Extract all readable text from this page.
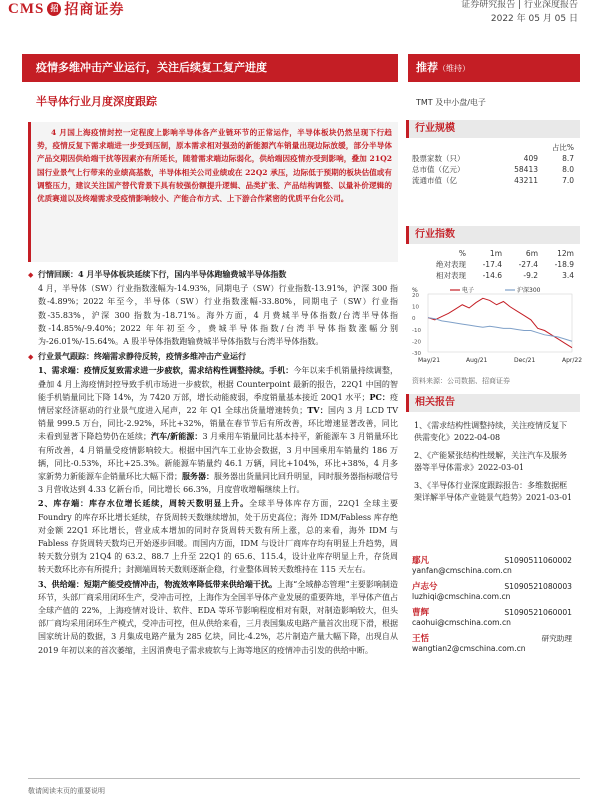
CMS 招 招商证券	证券研究报告 | 行业深度报告
2022 年 05 月 05 日
疫情多维冲击产业运行，关注后续复工复产进度
半导体行业月度深度跟踪
推荐（维持）
TMT 及中小盘/电子
4 月国上海疫情封控一定程度上影响半导体各产业链环节的正常运作，半导体板块仍然呈现下行趋势，疫情反复下需求端进一步受到压制，原本需求相对强劲的新能源汽车销量出现边际放缓，部分半导体产品交期因供给端干扰等因素亦有所延长，随着需求端边际弱化，供给端因疫情亦受到影响，叠加 21Q2 国行业景气上行带来的业绩高基数，半导体相关公司业绩或在 22Q2 承压，边际低于预期的板块估值或有调整压力，建议关注国产替代背景下具有较强份额提升逻辑、品类扩张、产品结构调整、以量补价逻辑的优质赛道以及终端需求受疫情影响较小、产能合布方式、上下游合作紧密的优质平台化公司。

◆ 行情回顾：4 月半导体板块延续下行，国内半导体跑输费城半导体指数

4 月，半导体（SW）行业指数涨幅为-14.93%，同期电子（SW）行业指数-13.91%，沪深 300 指数-4.89%；2022 年至今，半导体（SW）行业指数涨幅-33.80%，同期电子（SW）行业指数-35.83%，沪深 300 指数为-18.71%。海外方面，4 月费城半导体指数/台湾半导体指数-14.85%/-9.40%；2022 年年初至今，费城半导体指数/台湾半导体指数涨幅分别为-26.01%/-15.64%。A 股半导体指数跑输费城半导体指数与台湾半导体指数。

◆ 行业景气跟踪：终端需求静待反转，疫情多维冲击产业运行

1、需求端：疫情反复致需求进一步疲软，需求结构性调整持续。手机：今年以来手机销量持续调整，叠加 4 月上海疫情封控导致手机市场进一步疲软，根据 Counterpoint 最新的报告，22Q1 中国的智能手机销量同比下降 14%，为 7420 万部，增长动能疲弱，季度销量基本接近 20Q1 水平；PC：疫情居家经济驱动的行业景气度进入尾声，22 年 Q1 全球出货量增速转负；TV：国内 3 月 LCD TV 销量 999.5 万台，同比-2.92%，环比+32%，销量在春节节后有所改善，环比增速显著改善，同比未看到显著下降趋势仍在延续；汽车/新能源：3 月乘用车销量同比基本持平，新能源车 3 月销量环比有所改善，4 月销量受疫情影响较大。根据中国汽车工业协会数据，3 月中国乘用车销量约 186 万辆，同比-0.53%，环比+25.3%。新能源车销量约 46.1 万辆，同比+104%，环比+38%，4 月多家新势力新能源车企销量环比大幅下滑；服务器：服务器出货量同比回升明显，同时服务器指标暖信号 3 月营收达到 4.33 亿新台币，同比增长 66.3%，月度营收增幅继续上行。

2、库存端：库存水位增长延续，周转天数明显上升。全球半导体库存方面，22Q1 全球主要 Foundry 的库存环比增长延续，存货周转天数继续增加，处于历史高位；海外 IDM/Fabless 库存绝对金额 22Q1 环比增长，营业成本增加的同时存货周转天数有所上涨，总的来看，海外 IDM 与 Fabless 存货周转天数均已开始逐步回暖。而国内方面，IDM 与设计厂商库存均有明显上升趋势，周转天数分别为 21Q4 的 63.2、88.7 上升至 22Q1 的 65.6、115.4，设计业库存明显上升，存货周转天数环比亦有所提升；封测端周转天数则逐渐企稳，行业整体周转天数维持在 115 天左右。

3、供给端：短期产能受疫情冲击，物流效率降低带来供给端干扰。上海“全域静态管理”主要影响制造环节，头部厂商采用闭环生产，受冲击可控，上海作为全国半导体产业发展的重要阵地，半导体产值占全球产值的 22%，上海疫情对设计、软件、EDA 等环节影响程度相对有限，对制造影响较大，但头部厂商均采用闭环生产模式，受冲击可控，但从供给来看，三月表国集成电路产量首次出现下滑，根据国家统计局的数据，3 月集成电路产量为 285 亿块，同比-4.2%，芯片制造产量大幅下降，出现自从 2019 年初以来的首次萎缩，主因消费电子需求疲软与上海等地区的疫情冲击引发的供给中断。

行业规模
占比%
股票家数（只）	409	8.7
总市值（亿元）	58413	8.0
流通市值（亿	43211	7.0
行业指数
%	1m	6m	12m
绝对表现	-17.4	-27.4	-18.9
相对表现	-14.6	-9.2	3.4
20
10
0
-10
-20
-30
May/21	Aug/21	Dec/21	Apr/22
电子	沪深300
%
资料来源：公司数据、招商证券
相关报告
1、《需求结构性调整持续，关注疫情反复下供需变化》2022-04-08
2、《产能紧张结构性缓解，关注汽车及服务器等半导体需求》2022-03-01
3、《半导体行业深度跟踪报告：多维数据框架详解半导体产业链景气趋势》2021-03-01
鄢凡	S1090511060002
yanfan@cmschina.com.cn
卢志兮	S1090521080003
luzhiqi@cmschina.com.cn
曹辉	S1090521060001
caohui@cmschina.com.cn
王恬	研究助理
wangtian2@cmschina.com.cn
敬请阅读末页的重要说明
